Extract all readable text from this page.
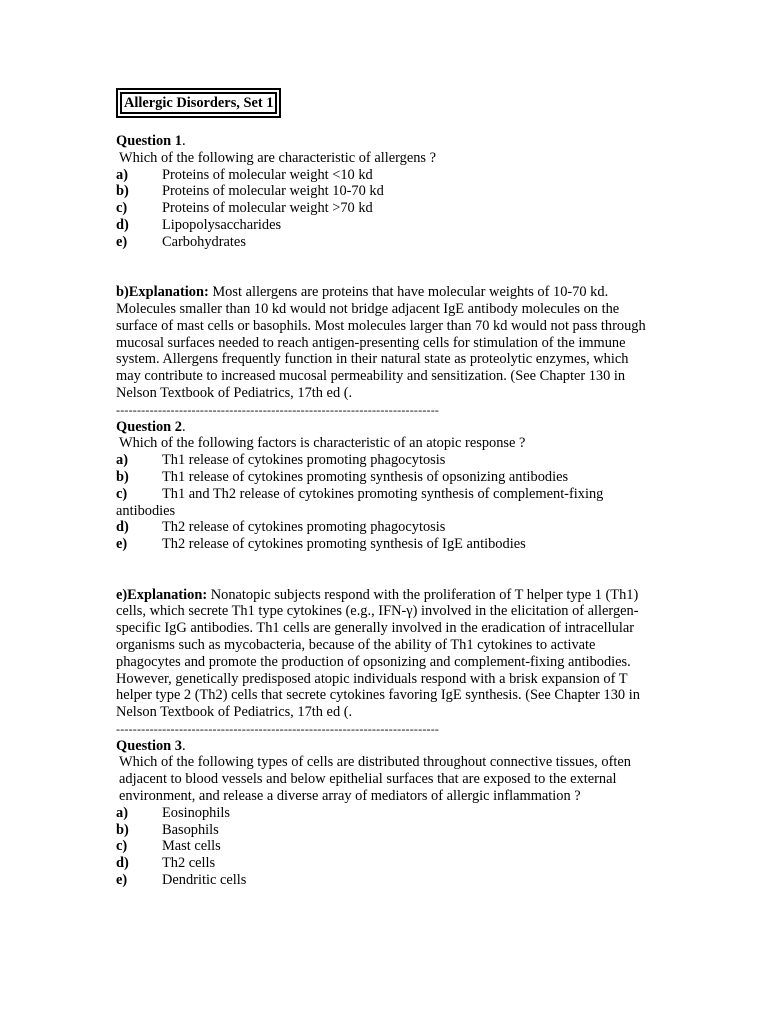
Allergic Disorders, Set 1
Question 1.
Which of the following are characteristic of allergens ?
a)	Proteins of molecular weight <10 kd
b)	Proteins of molecular weight 10-70 kd
c)	Proteins of molecular weight >70 kd
d)	Lipopolysaccharides
e)	Carbohydrates
b)Explanation: Most allergens are proteins that have molecular weights of 10-70 kd. Molecules smaller than 10 kd would not bridge adjacent IgE antibody molecules on the surface of mast cells or basophils. Most molecules larger than 70 kd would not pass through mucosal surfaces needed to reach antigen-presenting cells for stimulation of the immune system. Allergens frequently function in their natural state as proteolytic enzymes, which may contribute to increased mucosal permeability and sensitization. (See Chapter 130 in Nelson Textbook of Pediatrics, 17th ed (.
-----------------------------------------------------------------------------
Question 2.
Which of the following factors is characteristic of an atopic response ?
a)	Th1 release of cytokines promoting phagocytosis
b)	Th1 release of cytokines promoting synthesis of opsonizing antibodies
c)	Th1 and Th2 release of cytokines promoting synthesis of complement-fixing
antibodies
d)	Th2 release of cytokines promoting phagocytosis
e)	Th2 release of cytokines promoting synthesis of IgE antibodies
e)Explanation: Nonatopic subjects respond with the proliferation of T helper type 1 (Th1) cells, which secrete Th1 type cytokines (e.g., IFN-γ) involved in the elicitation of allergen-specific IgG antibodies. Th1 cells are generally involved in the eradication of intracellular organisms such as mycobacteria, because of the ability of Th1 cytokines to activate phagocytes and promote the production of opsonizing and complement-fixing antibodies. However, genetically predisposed atopic individuals respond with a brisk expansion of T helper type 2 (Th2) cells that secrete cytokines favoring IgE synthesis. (See Chapter 130 in Nelson Textbook of Pediatrics, 17th ed (.
-----------------------------------------------------------------------------
Question 3.
Which of the following types of cells are distributed throughout connective tissues, often adjacent to blood vessels and below epithelial surfaces that are exposed to the external environment, and release a diverse array of mediators of allergic inflammation ?
a)	Eosinophils
b)	Basophils
c)	Mast cells
d)	Th2 cells
e)	Dendritic cells
